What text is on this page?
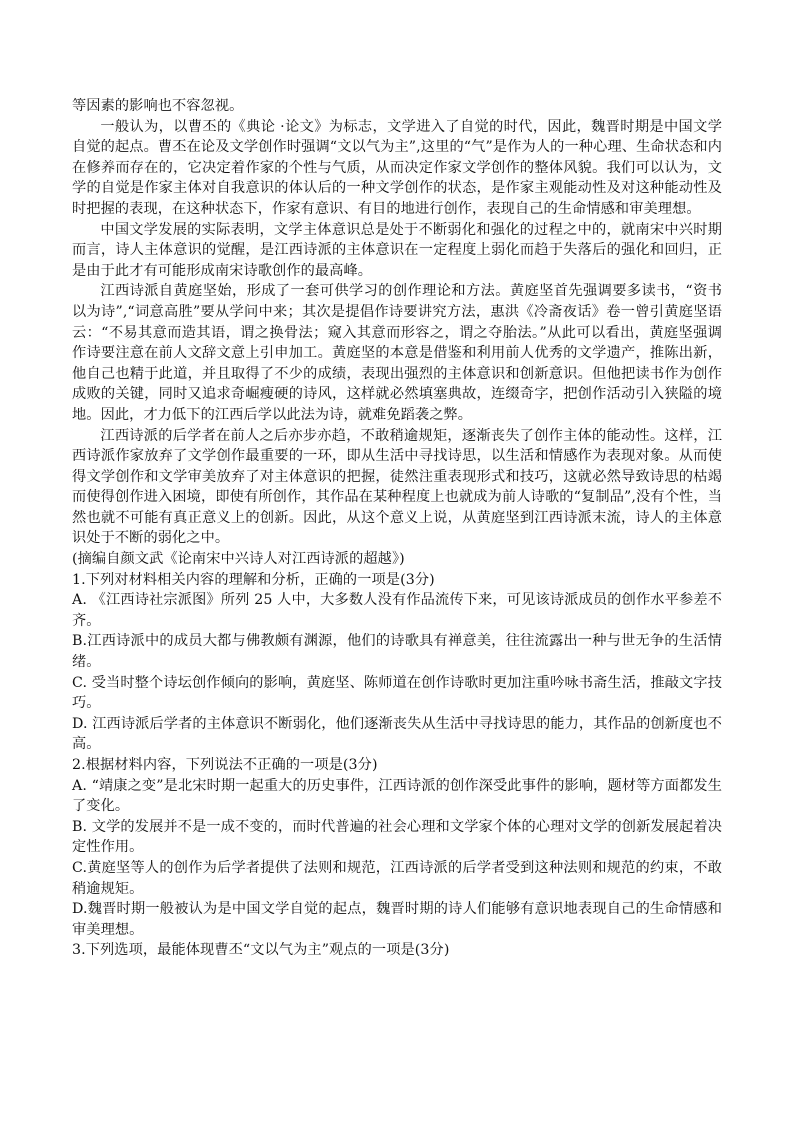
等因素的影响也不容忽视。

一般认为，以曹丕的《典论 ·论文》为标志，文学进入了自觉的时代，因此，魏晋时期是中国文学自觉的起点。曹丕在论及文学创作时强调“文以气为主”,这里的“气”是作为人的一种心理、生命状态和内在修养而存在的，它决定着作家的个性与气质，从而决定作家文学创作的整体风貌。我们可以认为，文学的自觉是作家主体对自我意识的体认后的一种文学创作的状态，是作家主观能动性及对这种能动性及时把握的表现，在这种状态下，作家有意识、有目的地进行创作，表现自己的生命情感和审美理想。

中国文学发展的实际表明，文学主体意识总是处于不断弱化和强化的过程之中的，就南宋中兴时期而言，诗人主体意识的觉醒，是江西诗派的主体意识在一定程度上弱化而趋于失落后的强化和回归，正是由于此才有可能形成南宋诗歌创作的最高峰。

江西诗派自黄庭坚始，形成了一套可供学习的创作理论和方法。黄庭坚首先强调要多读书，“资书以为诗”,“词意高胜”要从学问中来；其次是提倡作诗要讲究方法，惠洪《冷斋夜话》卷一曾引黄庭坚语云：“不易其意而造其语，谓之换骨法；窥入其意而形容之，谓之夺胎法。”从此可以看出，黄庭坚强调作诗要注意在前人文辞文意上引申加工。黄庭坚的本意是借鉴和利用前人优秀的文学遗产，推陈出新，他自己也精于此道，并且取得了不少的成绩，表现出强烈的主体意识和创新意识。但他把读书作为创作成败的关键，同时又追求奇崛瘦硬的诗风，这样就必然填塞典故，连缀奇字，把创作活动引入狭隘的境地。因此，才力低下的江西后学以此法为诗，就难免蹈袭之弊。

江西诗派的后学者在前人之后亦步亦趋，不敢稍逾规矩，逐渐丧失了创作主体的能动性。这样，江西诗派作家放弃了文学创作最重要的一环，即从生活中寻找诗思，以生活和情感作为表现对象。从而使得文学创作和文学审美放弃了对主体意识的把握，徒然注重表现形式和技巧，这就必然导致诗思的枯竭而使得创作进入困境，即使有所创作，其作品在某种程度上也就成为前人诗歌的“复制品”,没有个性，当然也就不可能有真正意义上的创新。因此，从这个意义上说，从黄庭坚到江西诗派末流，诗人的主体意识处于不断的弱化之中。

(摘编自颜文武《论南宋中兴诗人对江西诗派的超越》)

1.下列对材料相关内容的理解和分析，正确的一项是(3分)

A. 《江西诗社宗派图》所列 25 人中，大多数人没有作品流传下来，可见该诗派成员的创作水平参差不齐。

B.江西诗派中的成员大都与佛教颇有渊源，他们的诗歌具有禅意美，往往流露出一种与世无争的生活情绪。

C. 受当时整个诗坛创作倾向的影响，黄庭坚、陈师道在创作诗歌时更加注重吟咏书斋生活，推敲文字技巧。

D. 江西诗派后学者的主体意识不断弱化，他们逐渐丧失从生活中寻找诗思的能力，其作品的创新度也不高。

2.根据材料内容，下列说法不正确的一项是(3分)

A. “靖康之变”是北宋时期一起重大的历史事件，江西诗派的创作深受此事件的影响，题材等方面都发生了变化。

B. 文学的发展并不是一成不变的，而时代普遍的社会心理和文学家个体的心理对文学的创新发展起着决定性作用。

C.黄庭坚等人的创作为后学者提供了法则和规范，江西诗派的后学者受到这种法则和规范的约束，不敢稍逾规矩。

D.魏晋时期一般被认为是中国文学自觉的起点，魏晋时期的诗人们能够有意识地表现自己的生命情感和审美理想。

3.下列选项，最能体现曹丕“文以气为主”观点的一项是(3分)
